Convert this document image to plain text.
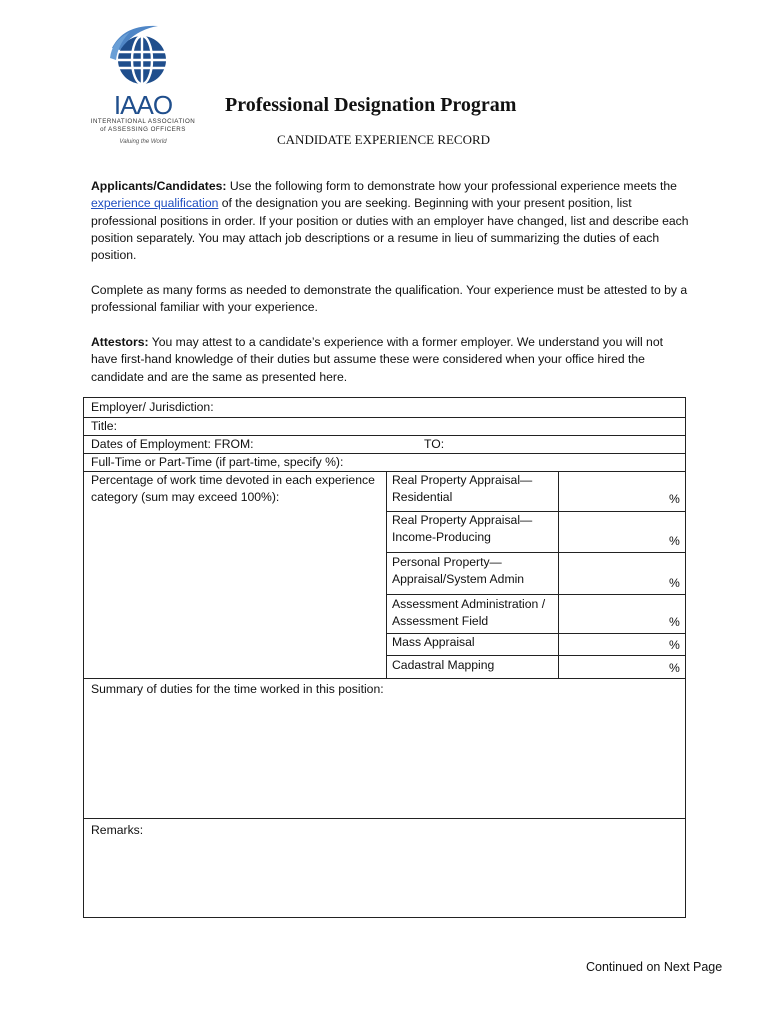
IAAO
INTERNATIONAL ASSOCIATION
of ASSESSING OFFICERS
Valuing the World
Professional Designation Program
CANDIDATE EXPERIENCE RECORD
Applicants/Candidates: Use the following form to demonstrate how your professional experience meets the experience qualification of the designation you are seeking. Beginning with your present position, list professional positions in order. If your position or duties with an employer have changed, list and describe each position separately. You may attach job descriptions or a resume in lieu of summarizing the duties of each position.
Complete as many forms as needed to demonstrate the qualification. Your experience must be attested to by a professional familiar with your experience.
Attestors: You may attest to a candidate’s experience with a former employer. We understand you will not have first-hand knowledge of their duties but assume these were considered when your office hired the candidate and are the same as presented here.
Employer/ Jurisdiction:
Title:
Dates of Employment: FROM:	TO:
Full-Time or Part-Time (if part-time, specify %):
Percentage of work time devoted in each experience category (sum may exceed 100%):
Real Property Appraisal—
Residential	%
Real Property Appraisal—
Income-Producing	%
Personal Property—
Appraisal/System Admin	%
Assessment Administration /
Assessment Field	%
Mass Appraisal	%
Cadastral Mapping	%
Summary of duties for the time worked in this position:
Remarks:
Continued on Next Page
